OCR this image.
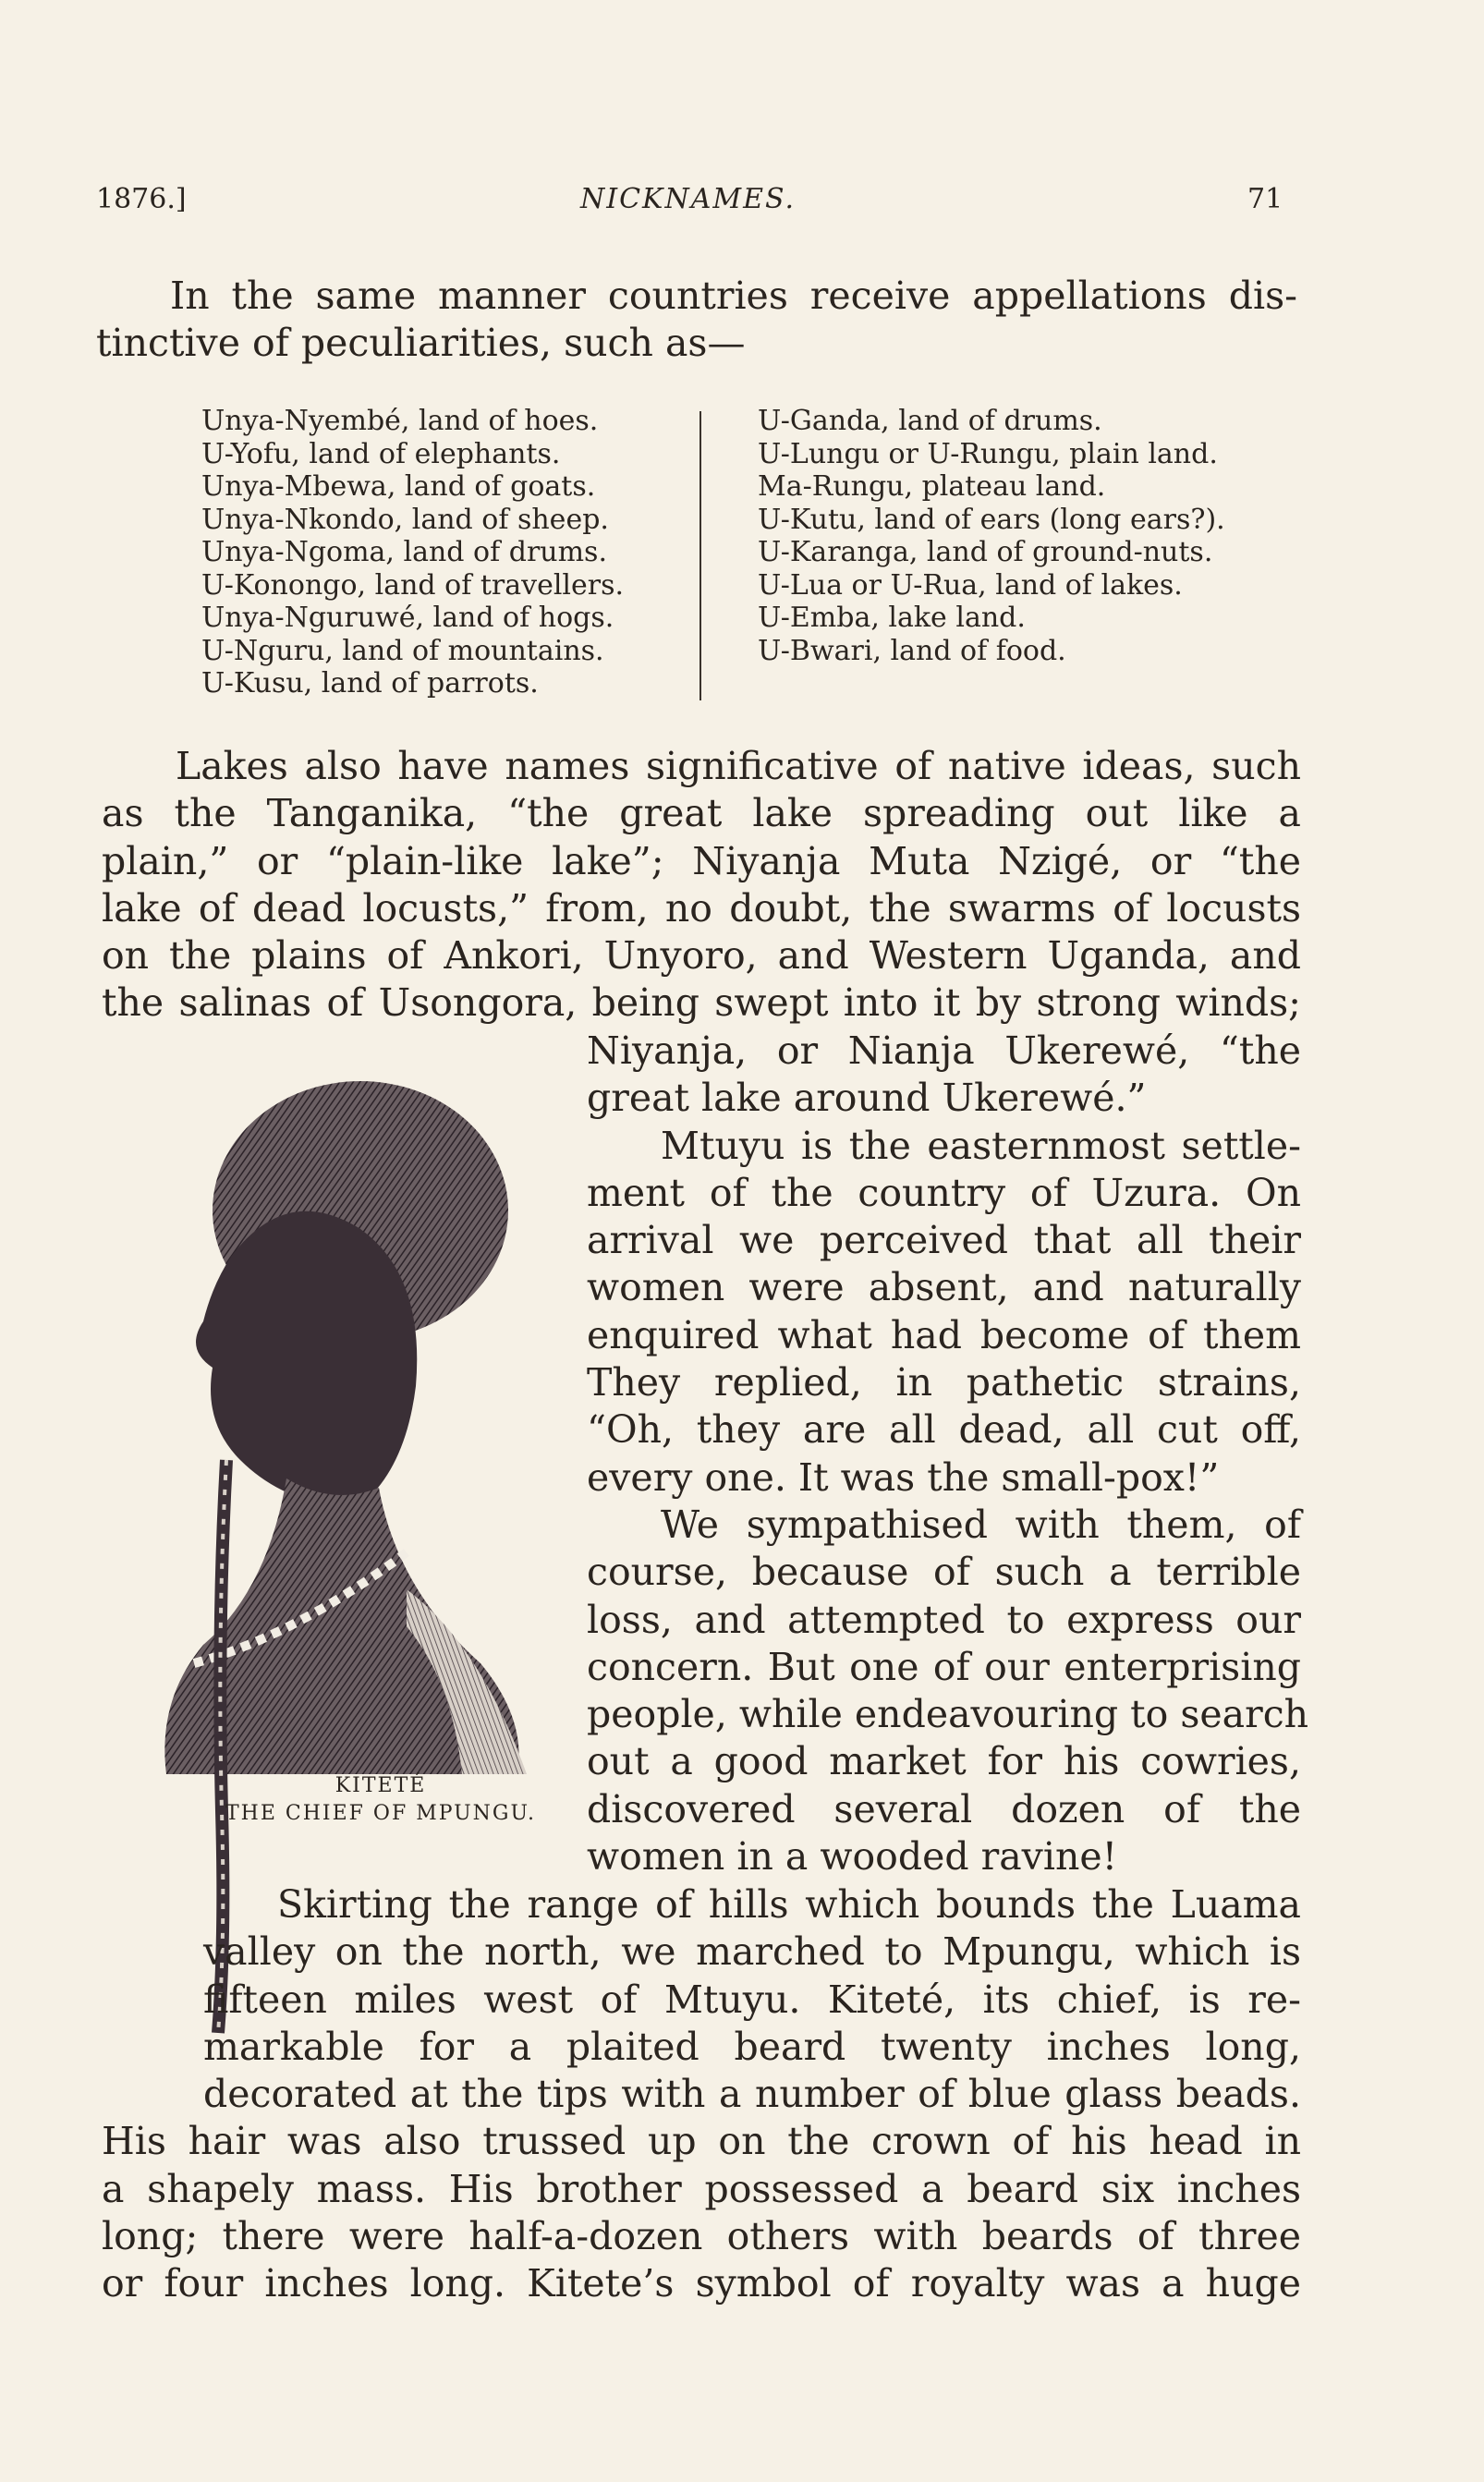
1876.]	NICKNAMES.	71
In the same manner countries receive appellations dis-
tinctive of peculiarities, such as—
Unya-Nyembé, land of hoes.
U-Yofu, land of elephants.
Unya-Mbewa, land of goats.
Unya-Nkondo, land of sheep.
Unya-Ngoma, land of drums.
U-Konongo, land of travellers.
Unya-Nguruwé, land of hogs.
U-Nguru, land of mountains.
U-Kusu, land of parrots.
U-Ganda, land of drums.
U-Lungu or U-Rungu, plain land.
Ma-Rungu, plateau land.
U-Kutu, land of ears (long ears?).
U-Karanga, land of ground-nuts.
U-Lua or U-Rua, land of lakes.
U-Emba, lake land.
U-Bwari, land of food.
Lakes also have names significative of native ideas, such
as the Tanganika, “the great lake spreading out like a
plain,” or “plain-like lake”; Niyanja Muta Nzigé, or “the
lake of dead locusts,” from, no doubt, the swarms of locusts
on the plains of Ankori, Unyoro, and Western Uganda, and
the salinas of Usongora, being swept into it by strong winds;
Niyanja, or Nianja Ukerewé, “the
great lake around Ukerewé.”
Mtuyu is the easternmost settle-
ment of the country of Uzura. On
arrival we perceived that all their
women were absent, and naturally
enquired what had become of them
They replied, in pathetic strains,
“Oh, they are all dead, all cut off,
every one. It was the small-pox!”
We sympathised with them, of
course, because of such a terrible
loss, and attempted to express our
concern. But one of our enterprising
people, while endeavouring to search
out a good market for his cowries,
discovered several dozen of the
women in a wooded ravine!
KITETÉ
THE CHIEF OF MPUNGU.
Skirting the range of hills which bounds the Luama
valley on the north, we marched to Mpungu, which is
fifteen miles west of Mtuyu. Kiteté, its chief, is re-
markable for a plaited beard twenty inches long,
decorated at the tips with a number of blue glass beads.
His hair was also trussed up on the crown of his head in
a shapely mass. His brother possessed a beard six inches
long; there were half-a-dozen others with beards of three
or four inches long. Kitete’s symbol of royalty was a huge
